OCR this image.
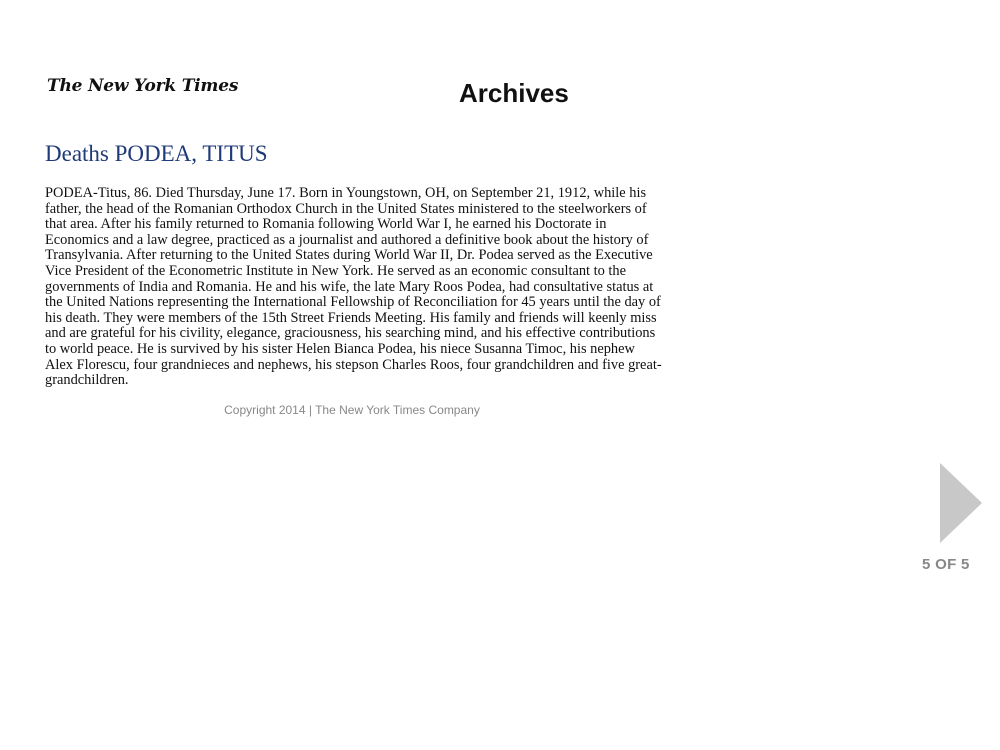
The New York Times	Archives
Deaths PODEA, TITUS

PODEA-Titus, 86. Died Thursday, June 17. Born in Youngstown, OH, on September 21, 1912, while his father, the head of the Romanian Orthodox Church in the United States ministered to the steelworkers of that area. After his family returned to Romania following World War I, he earned his Doctorate in Economics and a law degree, practiced as a journalist and authored a definitive book about the history of Transylvania. After returning to the United States during World War II, Dr. Podea served as the Executive Vice President of the Econometric Institute in New York. He served as an economic consultant to the governments of India and Romania. He and his wife, the late Mary Roos Podea, had consultative status at the United Nations representing the International Fellowship of Reconciliation for 45 years until the day of his death. They were members of the 15th Street Friends Meeting. His family and friends will keenly miss and are grateful for his civility, elegance, graciousness, his searching mind, and his effective contributions to world peace. He is survived by his sister Helen Bianca Podea, his niece Susanna Timoc, his nephew Alex Florescu, four grandnieces and nephews, his stepson Charles Roos, four grandchildren and five great-grandchildren.

Copyright 2014 | The New York Times Company
5 OF 5
